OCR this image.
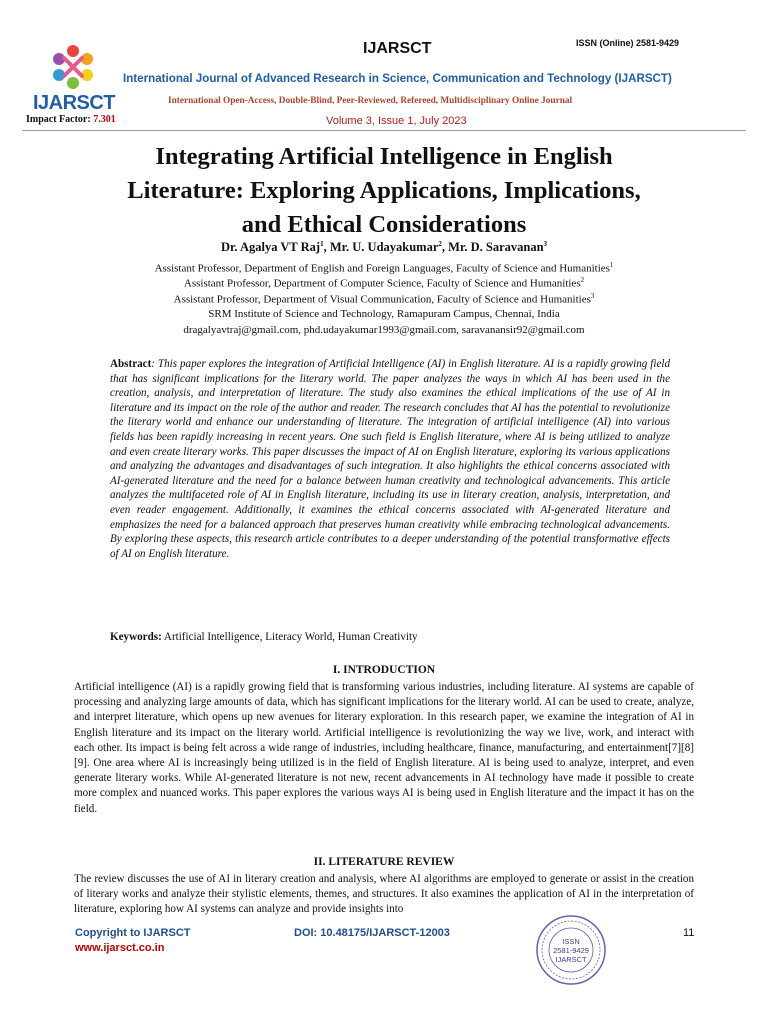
IJARSCT
Impact Factor: 7.301
IJARSCT	ISSN (Online) 2581-9429
International Journal of Advanced Research in Science, Communication and Technology (IJARSCT)
International Open-Access, Double-Blind, Peer-Reviewed, Refereed, Multidisciplinary Online Journal
Volume 3, Issue 1, July 2023
Integrating Artificial Intelligence in English
Literature: Exploring Applications, Implications,
and Ethical Considerations
Dr. Agalya VT Raj$^1$, Mr. U. Udayakumar$^2$, Mr. D. Saravanan$^3$
Assistant Professor, Department of English and Foreign Languages, Faculty of Science and Humanities$^1$
Assistant Professor, Department of Computer Science, Faculty of Science and Humanities$^2$
Assistant Professor, Department of Visual Communication, Faculty of Science and Humanities$^3$
SRM Institute of Science and Technology, Ramapuram Campus, Chennai, India
dragalyavtraj@gmail.com, phd.udayakumar1993@gmail.com, saravanansir92@gmail.com
Abstract: This paper explores the integration of Artificial Intelligence (AI) in English literature. AI is a rapidly growing field that has significant implications for the literary world. The paper analyzes the ways in which AI has been used in the creation, analysis, and interpretation of literature. The study also examines the ethical implications of the use of AI in literature and its impact on the role of the author and reader. The research concludes that AI has the potential to revolutionize the literary world and enhance our understanding of literature. The integration of artificial intelligence (AI) into various fields has been rapidly increasing in recent years. One such field is English literature, where AI is being utilized to analyze and even create literary works. This paper discusses the impact of AI on English literature, exploring its various applications and analyzing the advantages and disadvantages of such integration. It also highlights the ethical concerns associated with AI-generated literature and the need for a balance between human creativity and technological advancements. This article analyzes the multifaceted role of AI in English literature, including its use in literary creation, analysis, interpretation, and even reader engagement. Additionally, it examines the ethical concerns associated with AI-generated literature and emphasizes the need for a balanced approach that preserves human creativity while embracing technological advancements. By exploring these aspects, this research article contributes to a deeper understanding of the potential transformative effects of AI on English literature.
Keywords: Artificial Intelligence, Literacy World, Human Creativity
I. INTRODUCTION
Artificial intelligence (AI) is a rapidly growing field that is transforming various industries, including literature. AI systems are capable of processing and analyzing large amounts of data, which has significant implications for the literary world. AI can be used to create, analyze, and interpret literature, which opens up new avenues for literary exploration. In this research paper, we examine the integration of AI in English literature and its impact on the literary world. Artificial intelligence is revolutionizing the way we live, work, and interact with each other. Its impact is being felt across a wide range of industries, including healthcare, finance, manufacturing, and entertainment[7][8][9]. One area where AI is increasingly being utilized is in the field of English literature. AI is being used to analyze, interpret, and even generate literary works. While AI-generated literature is not new, recent advancements in AI technology have made it possible to create more complex and nuanced works. This paper explores the various ways AI is being used in English literature and the impact it has on the field.
II. LITERATURE REVIEW
The review discusses the use of AI in literary creation and analysis, where AI algorithms are employed to generate or assist in the creation of literary works and analyze their stylistic elements, themes, and structures. It also examines the application of AI in the interpretation of literature, exploring how AI systems can analyze and provide insights into
Copyright to IJARSCT
www.ijarsct.co.in
DOI: 10.48175/IJARSCT-12003	11
ISSN
2581-9429
IJARSCT
